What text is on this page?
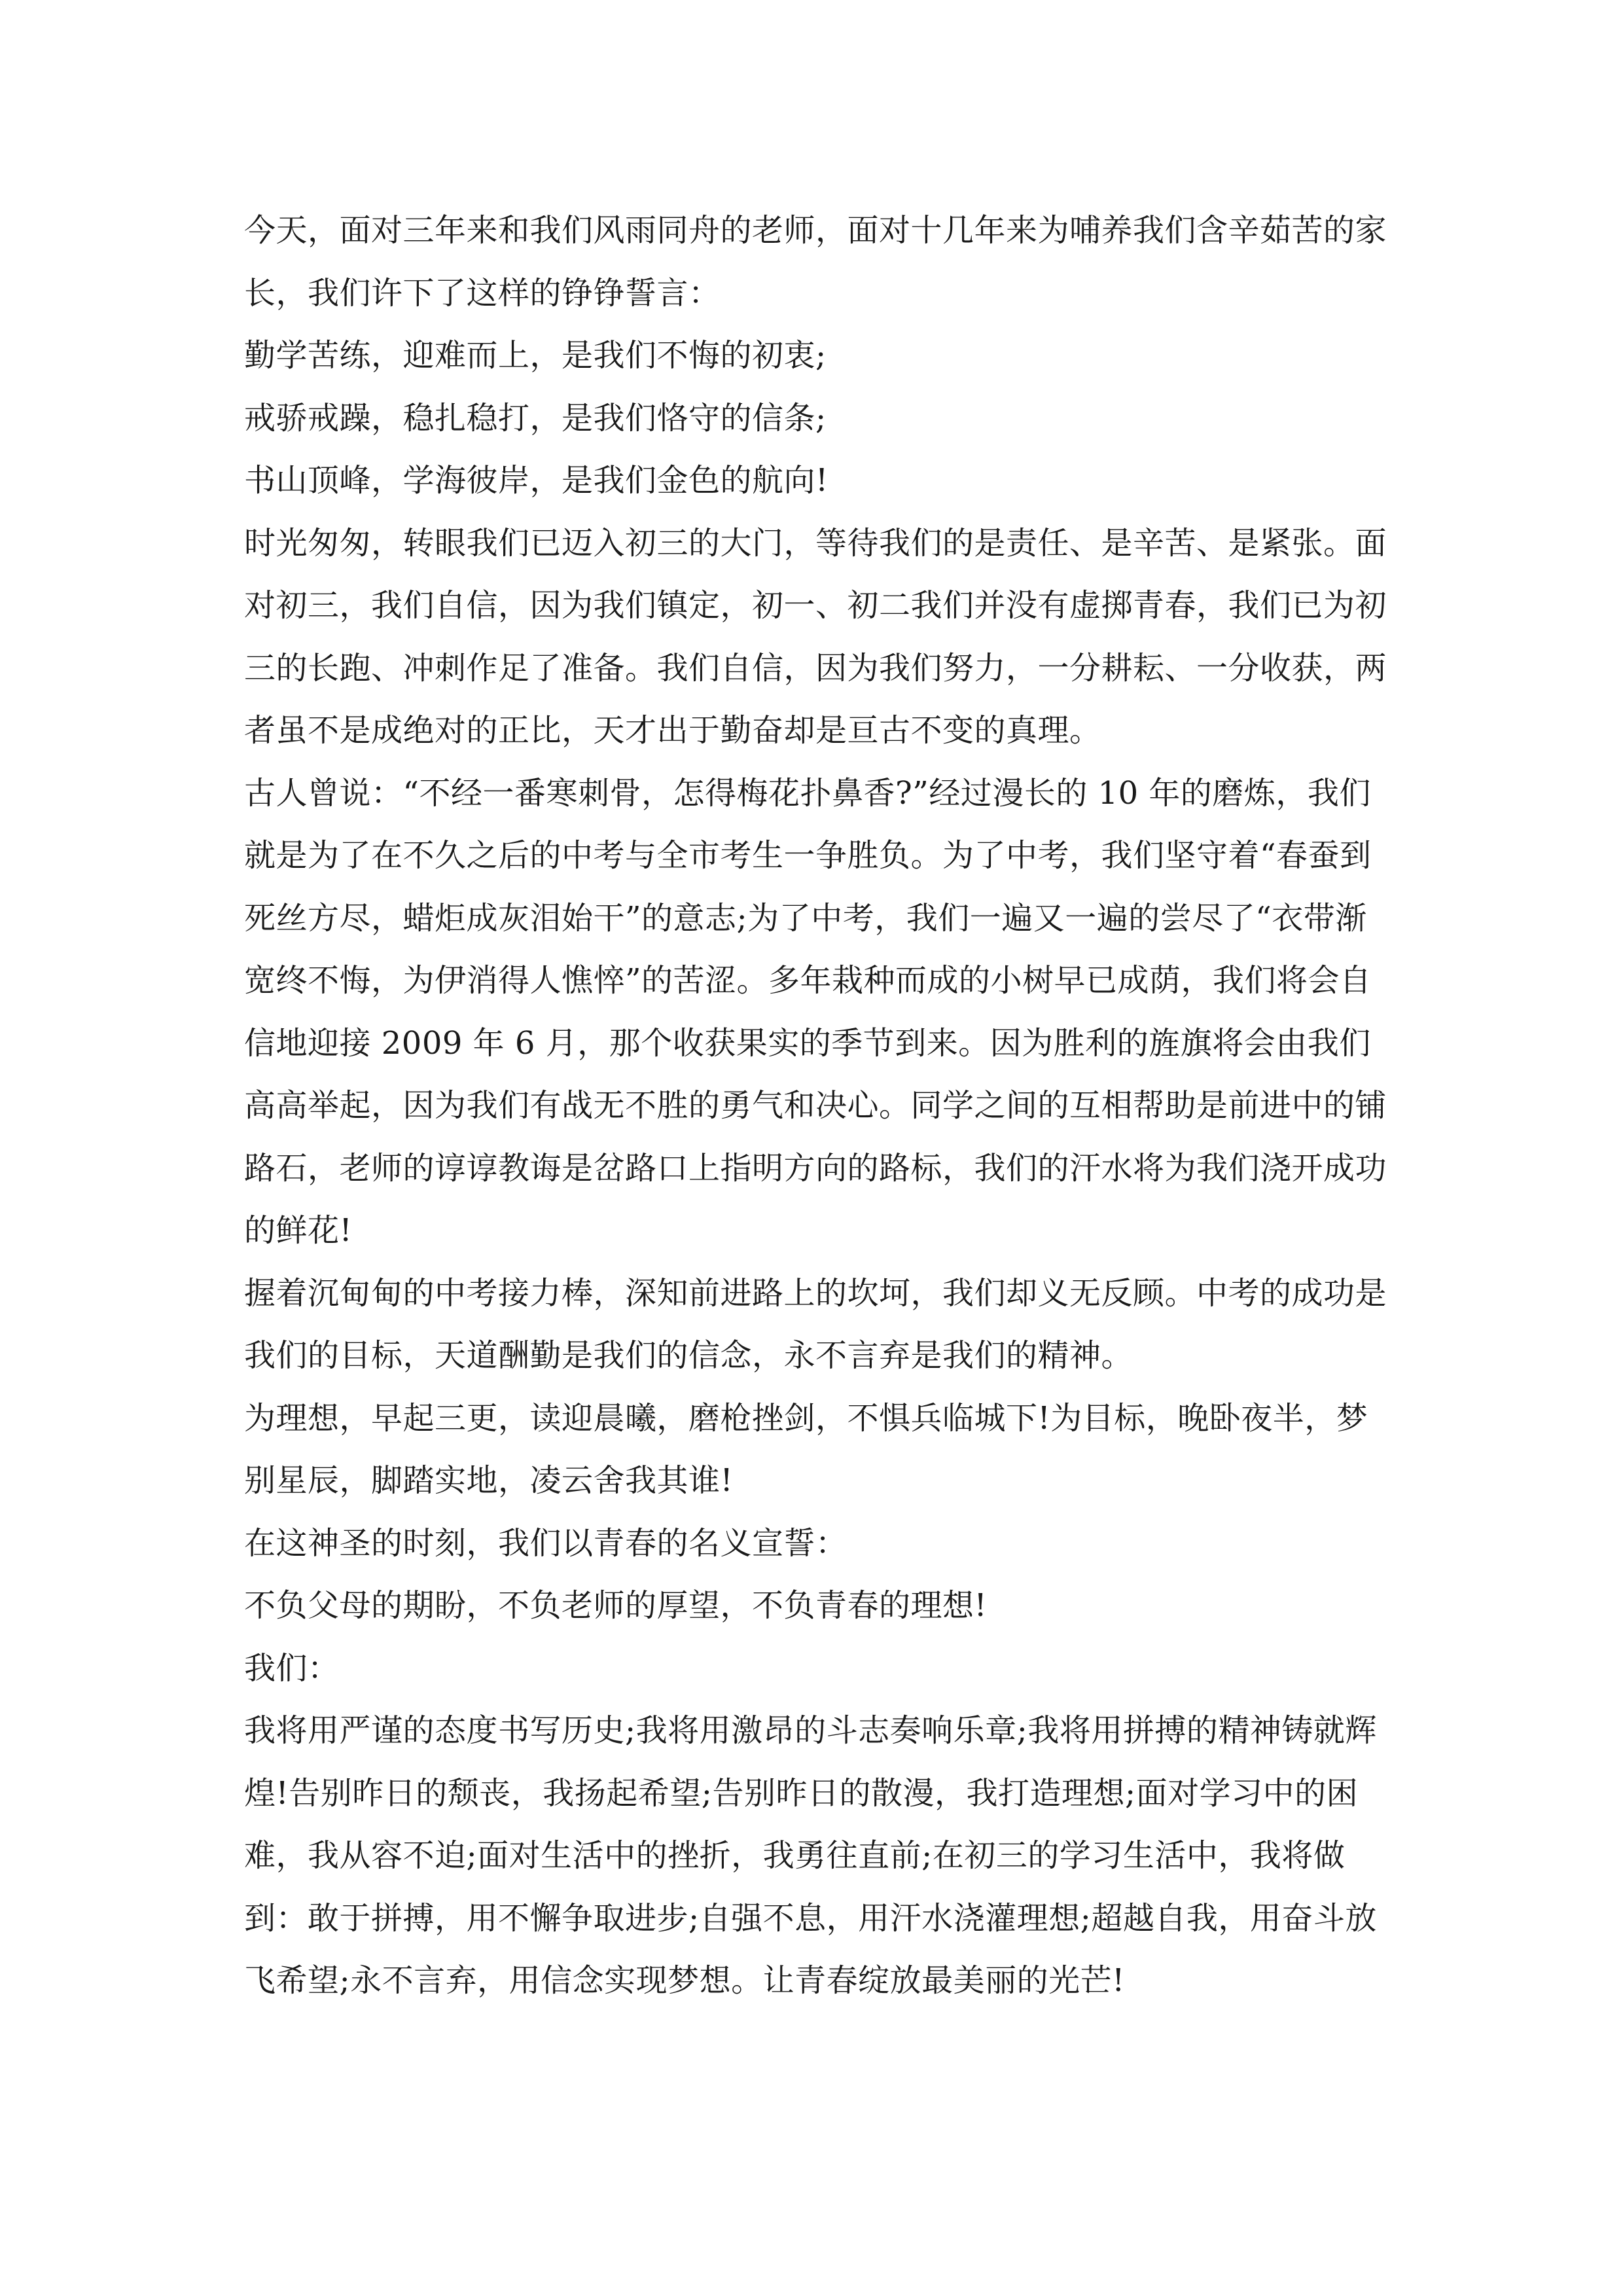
今天，面对三年来和我们风雨同舟的老师，面对十几年来为哺养我们含辛茹苦的家长，我们许下了这样的铮铮誓言：

勤学苦练，迎难而上，是我们不悔的初衷;

戒骄戒躁，稳扎稳打，是我们恪守的信条;

书山顶峰，学海彼岸，是我们金色的航向!

时光匆匆，转眼我们已迈入初三的大门，等待我们的是责任、是辛苦、是紧张。面对初三，我们自信，因为我们镇定，初一、初二我们并没有虚掷青春，我们已为初三的长跑、冲刺作足了准备。我们自信，因为我们努力，一分耕耘、一分收获，两者虽不是成绝对的正比，天才出于勤奋却是亘古不变的真理。

古人曾说：“不经一番寒刺骨，怎得梅花扑鼻香?”经过漫长的 10 年的磨炼，我们就是为了在不久之后的中考与全市考生一争胜负。为了中考，我们坚守着“春蚕到死丝方尽，蜡炬成灰泪始干”的意志;为了中考，我们一遍又一遍的尝尽了“衣带渐宽终不悔，为伊消得人憔悴”的苦涩。多年栽种而成的小树早已成荫，我们将会自信地迎接 2009 年 6 月，那个收获果实的季节到来。因为胜利的旌旗将会由我们高高举起，因为我们有战无不胜的勇气和决心。同学之间的互相帮助是前进中的铺路石，老师的谆谆教诲是岔路口上指明方向的路标，我们的汗水将为我们浇开成功的鲜花!

握着沉甸甸的中考接力棒，深知前进路上的坎坷，我们却义无反顾。中考的成功是我们的目标，天道酬勤是我们的信念，永不言弃是我们的精神。

为理想，早起三更，读迎晨曦，磨枪挫剑，不惧兵临城下!为目标，晚卧夜半，梦别星辰，脚踏实地，凌云舍我其谁!

在这神圣的时刻，我们以青春的名义宣誓：

不负父母的期盼，不负老师的厚望，不负青春的理想!

我们：

我将用严谨的态度书写历史;我将用激昂的斗志奏响乐章;我将用拼搏的精神铸就辉煌!告别昨日的颓丧，我扬起希望;告别昨日的散漫，我打造理想;面对学习中的困难，我从容不迫;面对生活中的挫折，我勇往直前;在初三的学习生活中，我将做到：敢于拼搏，用不懈争取进步;自强不息，用汗水浇灌理想;超越自我，用奋斗放飞希望;永不言弃，用信念实现梦想。让青春绽放最美丽的光芒!
